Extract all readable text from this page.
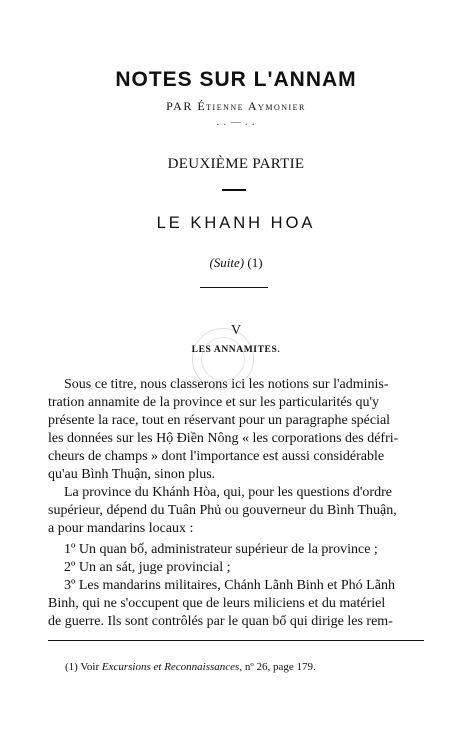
NOTES SUR L'ANNAM
PAR Étienne Aymonier
. . — . .
DEUXIÈME PARTIE
LE KHANH HOA
(Suite) (1)
V
LES ANNAMITES.
Sous ce titre, nous classerons ici les notions sur l'adminis-
tration annamite de la province et sur les particularités qu'y
présente la race, tout en réservant pour un paragraphe spécial
les données sur les Hộ Điền Nông « les corporations des défri-
cheurs de champs » dont l'importance est aussi considérable
qu'au Bình Thuận, sinon plus.
La province du Khánh Hòa, qui, pour les questions d'ordre
supérieur, dépend du Tuân Phủ ou gouverneur du Bình Thuận,
a pour mandarins locaux :
1º Un quan bố, administrateur supérieur de la province ;
2º Un an sát, juge provincial ;
3º Les mandarins militaires, Chánh Lãnh Binh et Phó Lãnh
Binh, qui ne s'occupent que de leurs miliciens et du matériel
de guerre. Ils sont contrôlés par le quan bố qui dirige les rem-
(1) Voir Excursions et Reconnaissances, nº 26, page 179.
